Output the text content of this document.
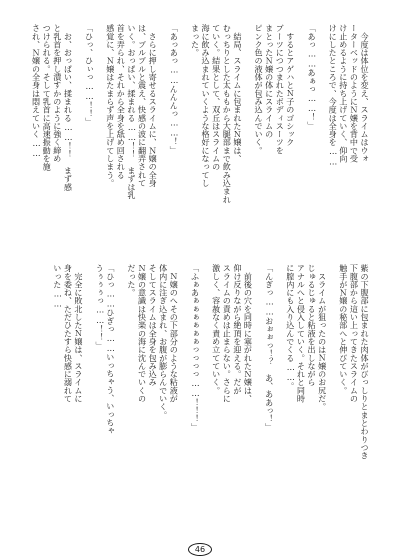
　今度は体位を変え、スライムはウォ
ーターベッドのようにＮ嬢を背中で受
け止めるように持ち上げていく、仰向
けにしたところで、今度は全身を……

「あっ……あぁっ……！」

　するとアゲハとＮ子のゴシック
ブーツにつつまれたボディスーツを
まとったＮ嬢の体にスライムの
ピンク色の液体が包み込んでいく。

　結局、スライムに包まれたＮ嬢は、
むっちりとした太ももから大腿部まで飲み込まれ
ていく。結果として、双丘はスライムの
海に飲み込まれていくような格好になってし
まった。

「あっあっ……んんんっ……！」

　さらに押し寄せるスライムに、Ｎ嬢の全身
は、ブルブルと震え、快感の波に翻弄されて
いく。おっぱい、揉まれる……！！　まずは乳
首を弄られ、それから全身を舐め回される
感覚に、Ｎ嬢はたまらず声を上げてしまう。

「ひっ、ひぃっ……！！」

　お、おっぱい、揉まれる……！！　まず感
と乳首を押し潰すかのように強く締め
つけられる。そして乳首に高速振動を施
され、Ｎ嬢の全身は悶えていく……
紫の下腹部に包まれた肉体がびっしりとまとわりつき
下腹部から這い上ってきたスライムの
触手がＮ嬢の秘部へと伸びていく。

　スライムが狙ったのはＮ嬢のお尻だ。
じゅるじゅると粘液を出しながら
アナルへと侵入していく。それと同時
に膣内にも入り込んでくる……。

「んぎっ……おぉぉっ！？　あ、ああっ！」

　前後の穴を同時に塞がれたＮ嬢は、
仰け反りながら絶頂を迎える。だが
スライムの責めは止まらない。さらに
激しく、容赦なく責め立てていく。

「ふぁあぁぁぁぁぁぁっっっっ……！！！」

　Ｎ嬢のへその下部分のような粘液が
体内に注ぎ込まれ、お腹が膨らんでいく。
そしてスライムは全身を包み込み
Ｎ嬢の意識は快楽の海に沈んでいくの
だった。

「ひっ……ひぎっ……いっちゃう、いっちゃ
うぅぅぅっ……！！」

　完全に敗北したＮ嬢は、スライムに
身を委ね、ただひたすら快感に溺れて
いった……
46
